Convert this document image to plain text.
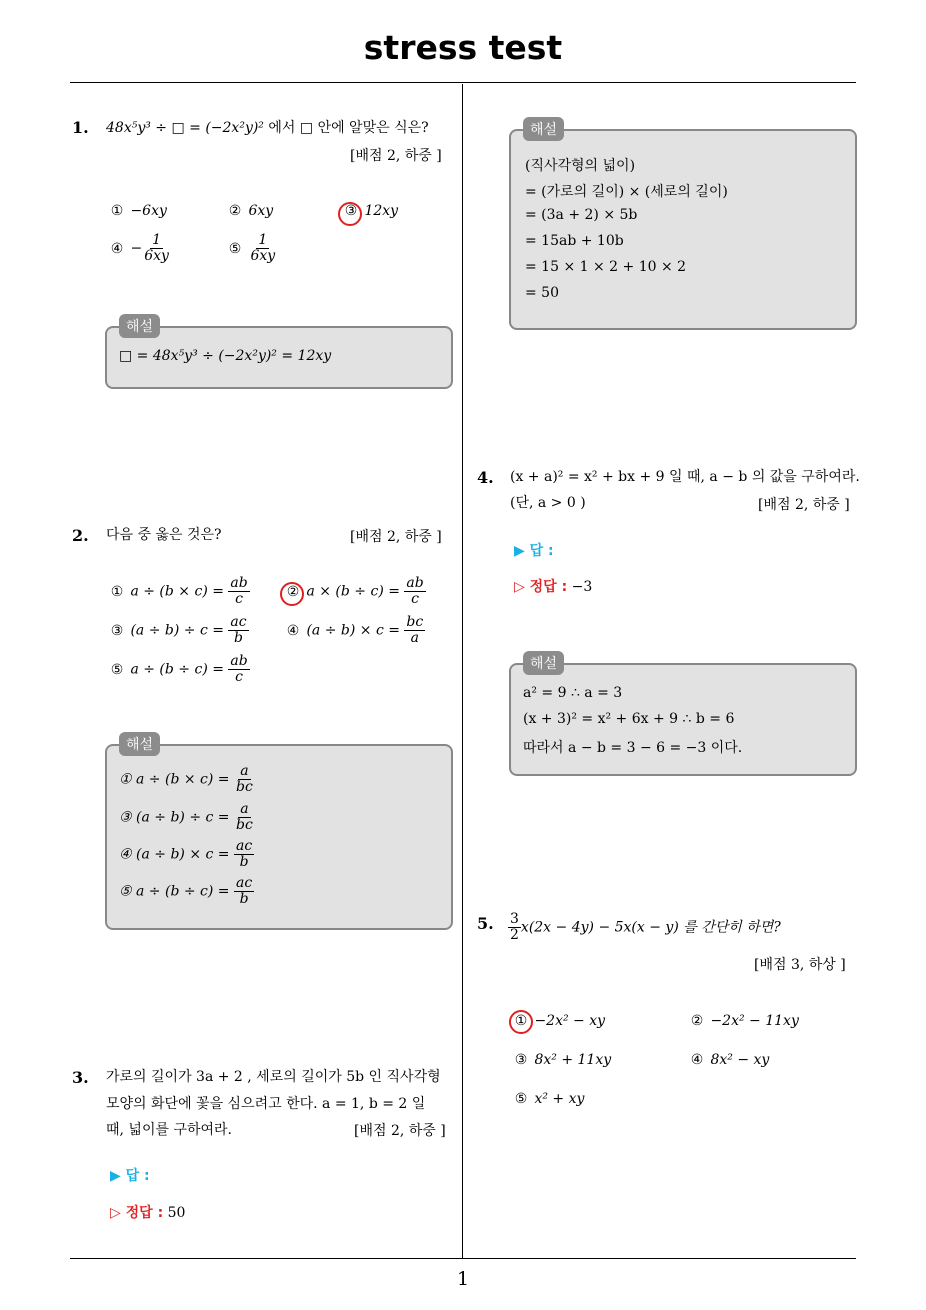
stress test
1
1. 48x⁵y³ ÷ □ = (−2x²y)² 에서 □ 안에 알맞은 식은?
[배점 2, 하중 ]
① −6xy	② 6xy	③ 12xy
④ − $\frac{1}{6xy}$	⑤ $\frac{1}{6xy}$
해설
□ = 48x⁵y³ ÷ (−2x²y)² = 12xy
2. 다음 중 옳은 것은?	[배점 2, 하중 ]
① $a \div (b \times c) = \frac{ab}{c}$	② $a \times (b \div c) = \frac{ab}{c}$
③ $(a \div b) \div c = \frac{ac}{b}$	④ $(a \div b) \times c = \frac{bc}{a}$
⑤ $a \div (b \div c) = \frac{ab}{c}$
해설
① $a \div (b \times c) = \frac{a}{bc}$
③ $(a \div b) \div c = \frac{a}{bc}$
④ $(a \div b) \times c = \frac{ac}{b}$
⑤ $a \div (b \div c) = \frac{ac}{b}$
3. 가로의 길이가 3a + 2 , 세로의 길이가 5b 인 직사각형
모양의 화단에 꽃을 심으려고 한다. a = 1, b = 2 일
때, 넓이를 구하여라.	[배점 2, 하중 ]
▶ 답 :
▷ 정답 : 50
해설
(직사각형의 넓이)
= (가로의 길이) × (세로의 길이)
= (3a + 2) × 5b
= 15ab + 10b
= 15 × 1 × 2 + 10 × 2
= 50
4. (x + a)² = x² + bx + 9 일 때, a − b 의 값을 구하여라.
(단, a > 0 )	[배점 2, 하중 ]
▶ 답 :
▷ 정답 : −3
해설
a² = 9 ∴ a = 3
(x + 3)² = x² + 6x + 9 ∴ b = 6
따라서 a − b = 3 − 6 = −3 이다.
5. $\frac{3}{2} x(2x - 4y) - 5x(x - y)$ 를 간단히 하면?
[배점 3, 하상 ]
① −2x² − xy	② −2x² − 11xy
③ 8x² + 11xy	④ 8x² − xy
⑤ x² + xy
